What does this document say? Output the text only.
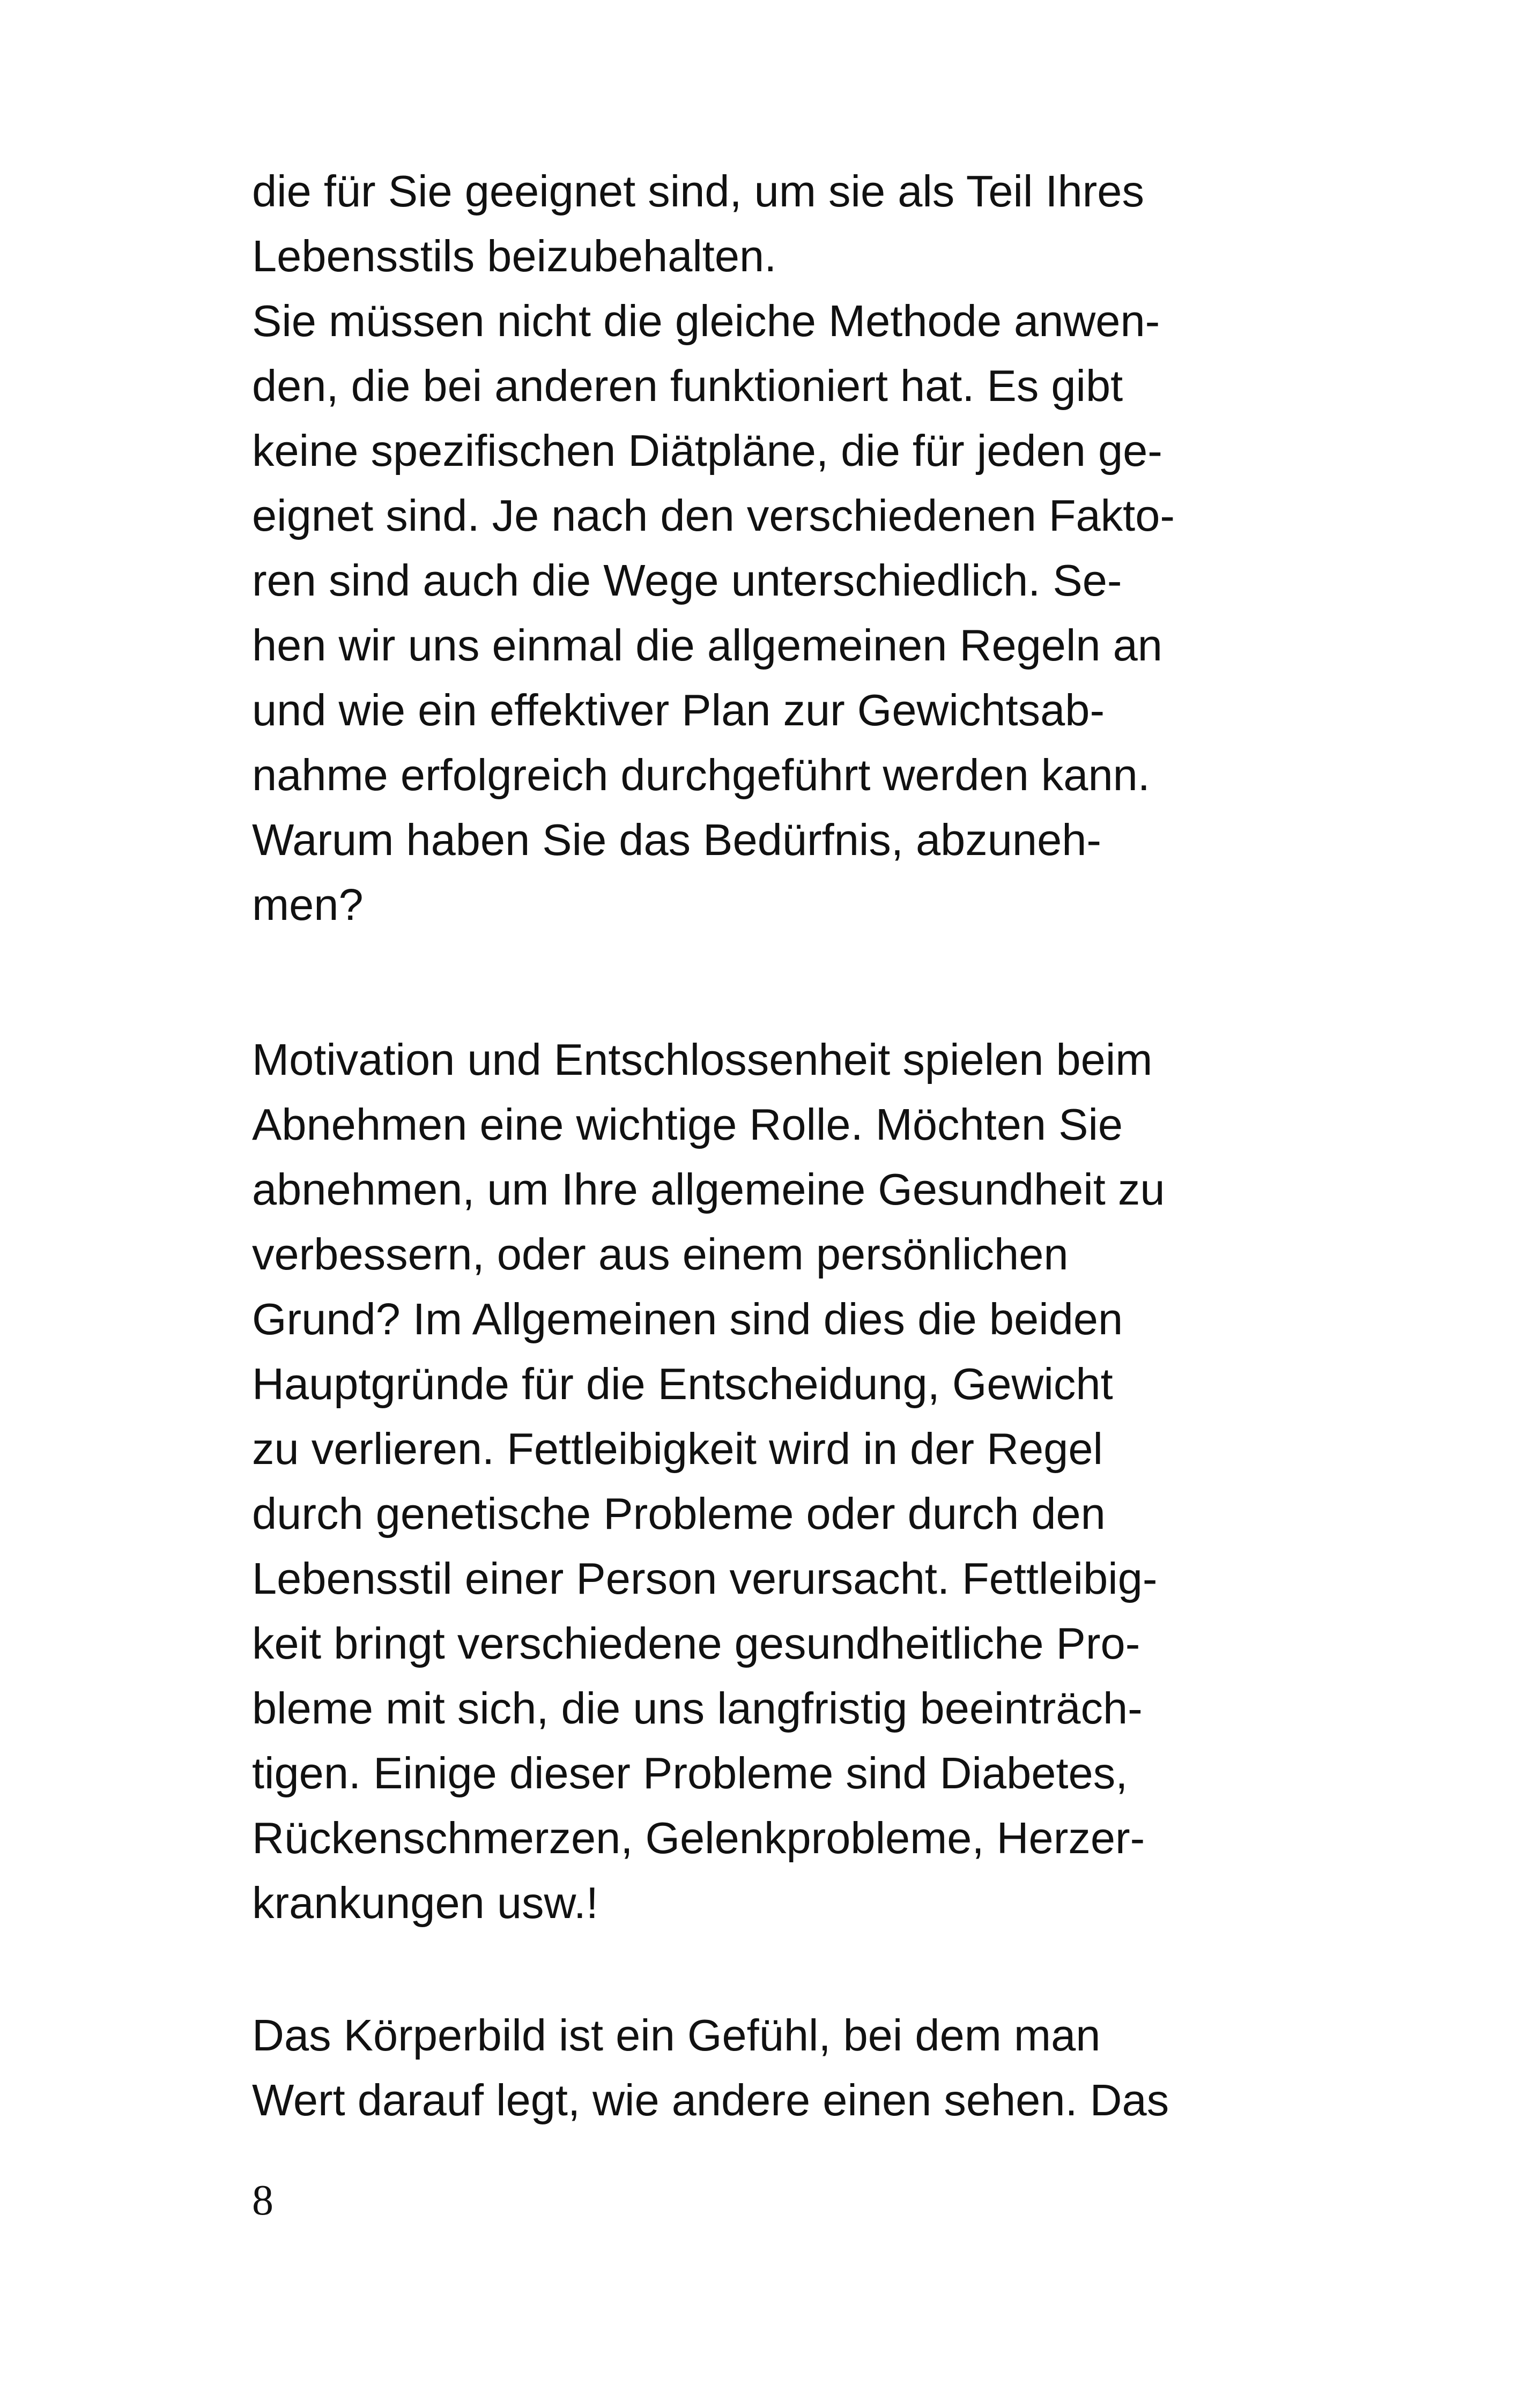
die für Sie geeignet sind, um sie als Teil Ihres
Lebensstils beizubehalten.
Sie müssen nicht die gleiche Methode anwen-
den, die bei anderen funktioniert hat. Es gibt
keine spezifischen Diätpläne, die für jeden ge-
eignet sind. Je nach den verschiedenen Fakto-
ren sind auch die Wege unterschiedlich. Se-
hen wir uns einmal die allgemeinen Regeln an
und wie ein effektiver Plan zur Gewichtsab-
nahme erfolgreich durchgeführt werden kann.
Warum haben Sie das Bedürfnis, abzuneh-
men?
Motivation und Entschlossenheit spielen beim
Abnehmen eine wichtige Rolle. Möchten Sie
abnehmen, um Ihre allgemeine Gesundheit zu
verbessern, oder aus einem persönlichen
Grund? Im Allgemeinen sind dies die beiden
Hauptgründe für die Entscheidung, Gewicht
zu verlieren. Fettleibigkeit wird in der Regel
durch genetische Probleme oder durch den
Lebensstil einer Person verursacht. Fettleibig-
keit bringt verschiedene gesundheitliche Pro-
bleme mit sich, die uns langfristig beeinträch-
tigen. Einige dieser Probleme sind Diabetes,
Rückenschmerzen, Gelenkprobleme, Herzer-
krankungen usw.!
Das Körperbild ist ein Gefühl, bei dem man
Wert darauf legt, wie andere einen sehen. Das
8
